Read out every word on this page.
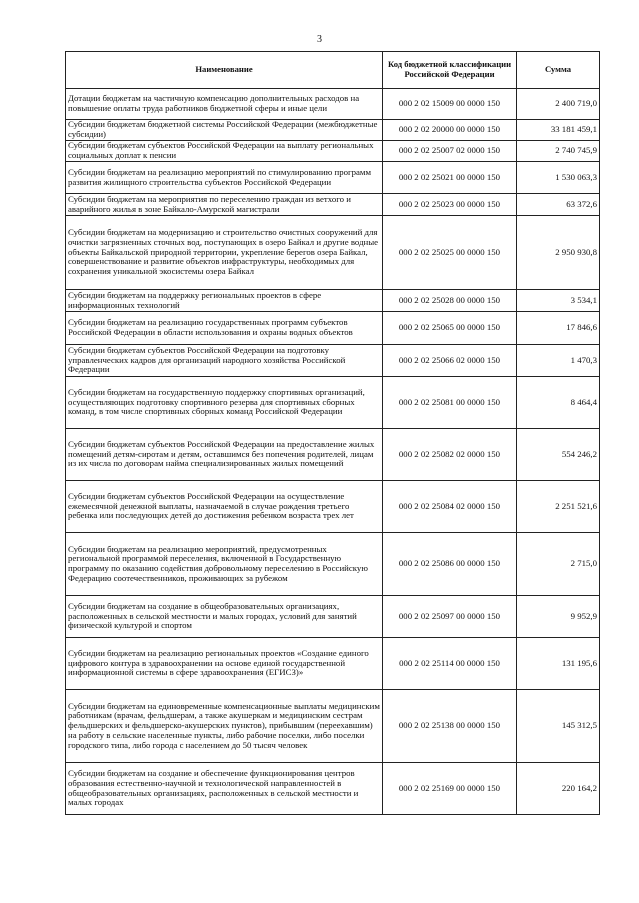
3
Наименование	Код бюджетной классификации Российской Федерации	Сумма
Дотации бюджетам на частичную компенсацию дополнительных расходов на повышение оплаты труда работников бюджетной сферы и иные цели	000 2 02 15009 00 0000 150	2 400 719,0
Субсидии бюджетам бюджетной системы Российской Федерации (межбюджетные субсидии)	000 2 02 20000 00 0000 150	33 181 459,1
Субсидии бюджетам субъектов Российской Федерации на выплату региональных социальных доплат к пенсии	000 2 02 25007 02 0000 150	2 740 745,9
Субсидии бюджетам на реализацию мероприятий по стимулированию программ развития жилищного строительства субъектов Российской Федерации	000 2 02 25021 00 0000 150	1 530 063,3
Субсидии бюджетам на мероприятия по переселению граждан из ветхого и аварийного жилья в зоне Байкало-Амурской магистрали	000 2 02 25023 00 0000 150	63 372,6
Субсидии бюджетам на модернизацию и строительство очистных сооружений для очистки загрязненных сточных вод, поступающих в озеро Байкал и другие водные объекты Байкальской природной территории, укрепление берегов озера Байкал, совершенствование и развитие объектов инфраструктуры, необходимых для сохранения уникальной экосистемы озера Байкал	000 2 02 25025 00 0000 150	2 950 930,8
Субсидии бюджетам на поддержку региональных проектов в сфере информационных технологий	000 2 02 25028 00 0000 150	3 534,1
Субсидии бюджетам на реализацию государственных программ субъектов Российской Федерации в области использования и охраны водных объектов	000 2 02 25065 00 0000 150	17 846,6
Субсидии бюджетам субъектов Российской Федерации на подготовку управленческих кадров для организаций народного хозяйства Российской Федерации	000 2 02 25066 02 0000 150	1 470,3
Субсидии бюджетам на государственную поддержку спортивных организаций, осуществляющих подготовку спортивного резерва для спортивных сборных команд, в том числе спортивных сборных команд Российской Федерации	000 2 02 25081 00 0000 150	8 464,4
Субсидии бюджетам субъектов Российской Федерации на предоставление жилых помещений детям-сиротам и детям, оставшимся без попечения родителей, лицам из их числа по договорам найма специализированных жилых помещений	000 2 02 25082 02 0000 150	554 246,2
Субсидии бюджетам субъектов Российской Федерации на осуществление ежемесячной денежной выплаты, назначаемой в случае рождения третьего ребенка или последующих детей до достижения ребенком возраста трех лет	000 2 02 25084 02 0000 150	2 251 521,6
Субсидии бюджетам на реализацию мероприятий, предусмотренных региональной программой переселения, включенной в Государственную программу по оказанию содействия добровольному переселению в Российскую Федерацию соотечественников, проживающих за рубежом	000 2 02 25086 00 0000 150	2 715,0
Субсидии бюджетам на создание в общеобразовательных организациях, расположенных в сельской местности и малых городах, условий для занятий физической культурой и спортом	000 2 02 25097 00 0000 150	9 952,9
Субсидии бюджетам на реализацию региональных проектов «Создание единого цифрового контура в здравоохранении на основе единой государственной информационной системы в сфере здравоохранения (ЕГИСЗ)»	000 2 02 25114 00 0000 150	131 195,6
Субсидии бюджетам на единовременные компенсационные выплаты медицинским работникам (врачам, фельдшерам, а также акушеркам и медицинским сестрам фельдшерских и фельдшерско-акушерских пунктов), прибывшим (переехавшим) на работу в сельские населенные пункты, либо рабочие поселки, либо поселки городского типа, либо города с населением до 50 тысяч человек	000 2 02 25138 00 0000 150	145 312,5
Субсидии бюджетам на создание и обеспечение функционирования центров образования естественно-научной и технологической направленностей в общеобразовательных организациях, расположенных в сельской местности и малых городах	000 2 02 25169 00 0000 150	220 164,2
